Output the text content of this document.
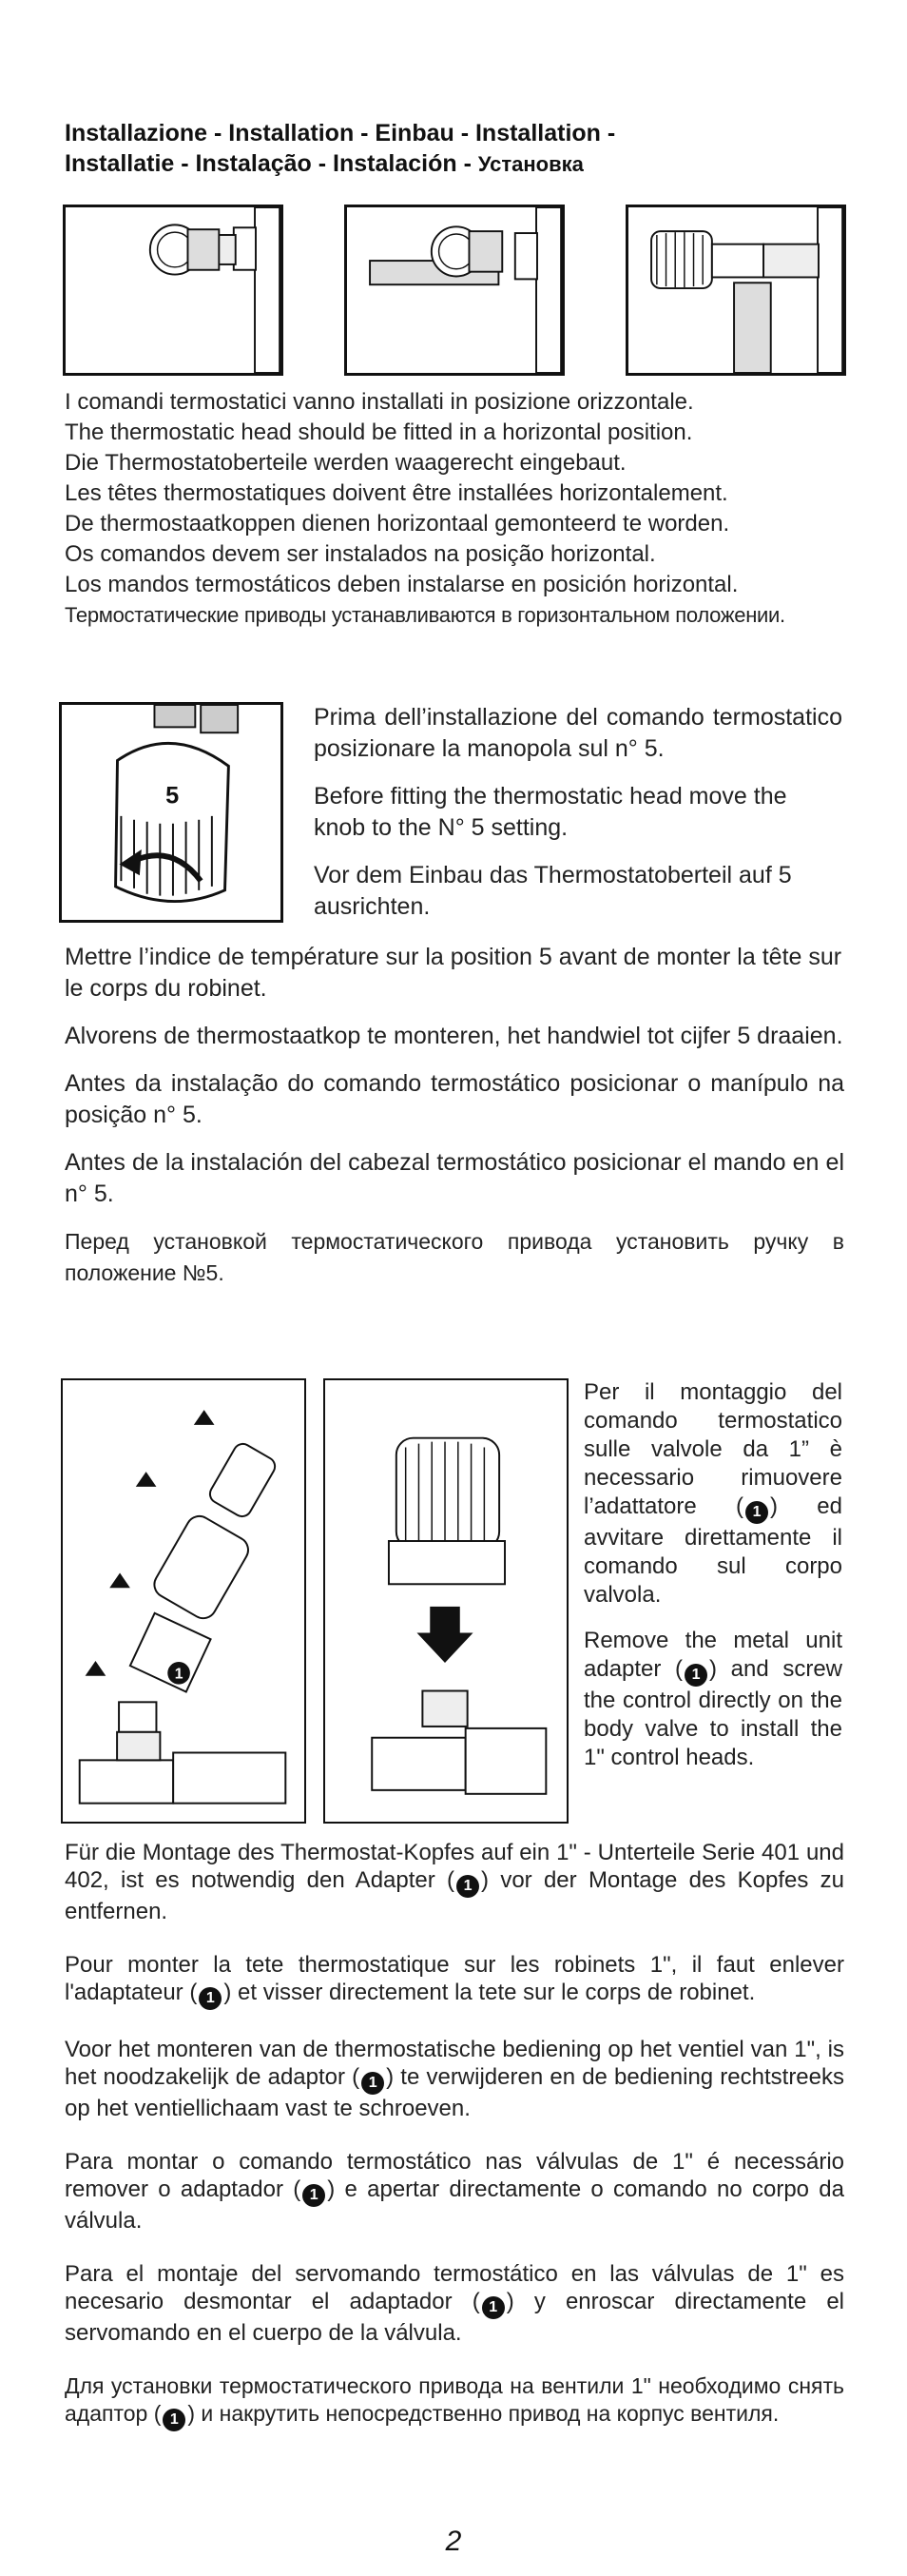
Installazione - Installation - Einbau - Installation -
Installatie - Instalação - Instalación - Установка

I comandi termostatici vanno installati in posizione orizzontale.

The thermostatic head should be fitted in a horizontal position.

Die Thermostatoberteile werden waagerecht eingebaut.

Les têtes thermostatiques doivent être installées horizontalement.

De thermostaatkoppen dienen horizontaal gemonteerd te worden.

Os comandos devem ser instalados na posição horizontal.

Los mandos termostáticos deben instalarse en posición horizontal.

Термостатические приводы устанавливаются в горизонтальном положении.

5

Prima dell’installazione del comando termostatico posizionare la manopola sul n° 5.

Before fitting the thermostatic head move the knob to the N° 5 setting.

Vor dem Einbau das Thermostatoberteil auf 5 ausrichten.

Mettre l’indice de température sur la position 5 avant de monter la tête sur le corps du robinet.

Alvorens de thermostaatkop te monteren, het handwiel tot cijfer 5 draaien.

Antes da instalação do comando termostático posicionar o manípulo na posição n° 5.

Antes de la instalación del cabezal termostático posicionar el mando en el n° 5.

Перед установкой термостатического привода установить ручку в положение №5.

1

Per il montaggio del comando termostatico sulle valvole da 1” è necessario rimuovere l’adattatore ( 1 ) ed avvitare direttamente il comando sul corpo valvola.

Remove the metal unit adapter ( 1 ) and screw the control directly on the body valve to install the 1" control heads.

Für die Montage des Thermostat-Kopfes auf ein 1" - Unterteile Serie 401 und 402, ist es notwendig den Adapter ( 1 ) vor der Montage des Kopfes zu entfernen.

Pour monter la tete thermostatique sur les robinets 1", il faut enlever l'adaptateur ( 1 ) et visser directement la tete sur le corps de robinet.

Voor het monteren van de thermostatische bediening op het ventiel van 1", is het noodzakelijk de adaptor ( 1 ) te verwijderen en de bediening rechtstreeks op het ventiellichaam vast te schroeven.

Para montar o comando termostático nas válvulas de 1" é necessário remover o adaptador ( 1 ) e apertar directamente o comando no corpo da válvula.

Para el montaje del servomando termostático en las válvulas de 1" es necesario desmontar el adaptador ( 1 ) y enroscar directamente el servomando en el cuerpo de la válvula.

Для установки термостатического привода на вентили 1" необходимо снять адаптор ( 1 ) и накрутить непосредственно привод на корпус вентиля.

2
